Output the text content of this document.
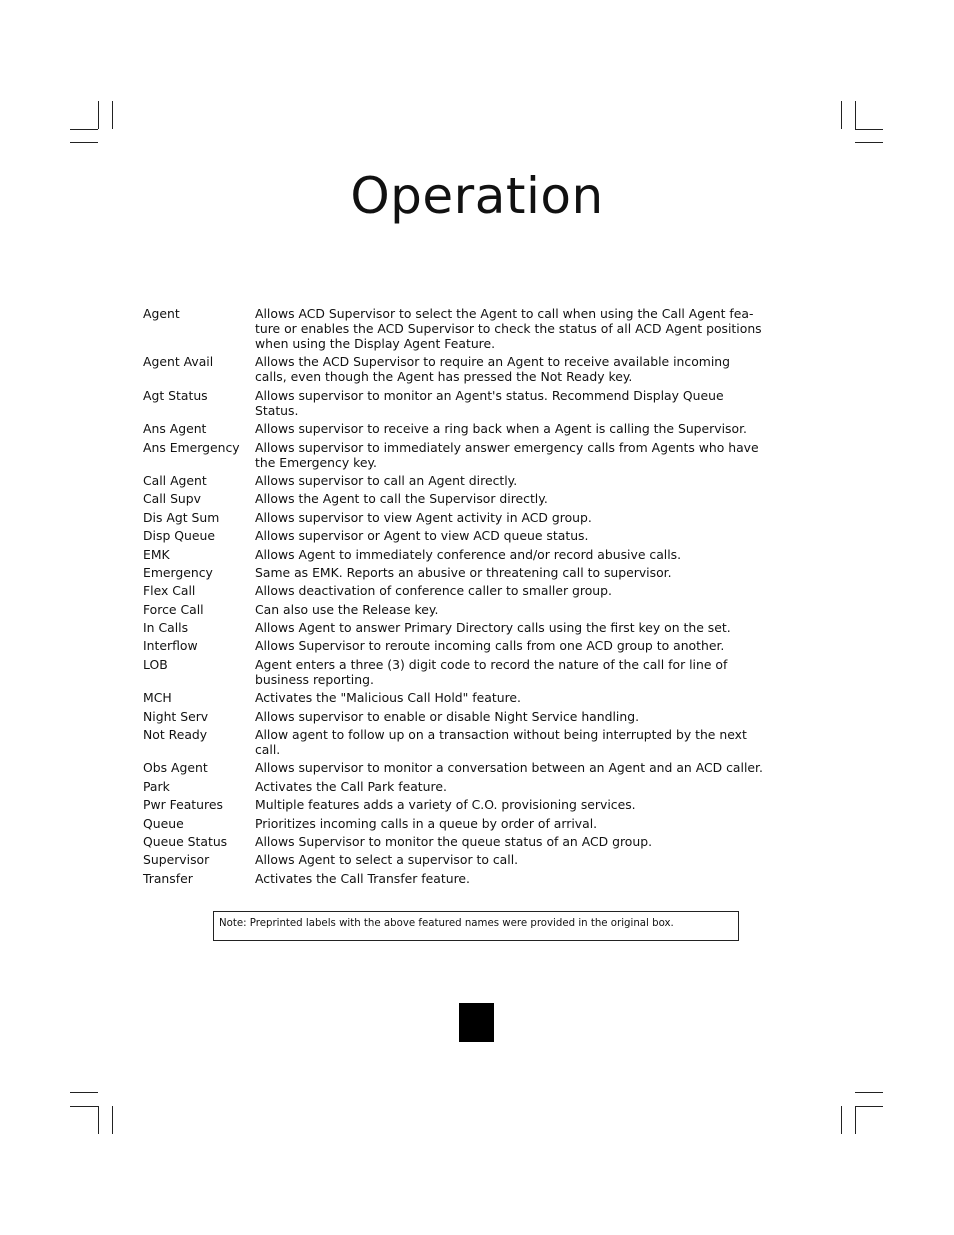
Operation
Agent	Allows ACD Supervisor to select the Agent to call when using the Call Agent fea-
ture or enables the ACD Supervisor to check the status of all ACD Agent positions
when using the Display Agent Feature.
Agent Avail	Allows the ACD Supervisor to require an Agent to receive available incoming
calls, even though the Agent has pressed the Not Ready key.
Agt Status	Allows supervisor to monitor an Agent's status. Recommend Display Queue
Status.
Ans Agent	Allows supervisor to receive a ring back when a Agent is calling the Supervisor.
Ans Emergency	Allows supervisor to immediately answer emergency calls from Agents who have
the Emergency key.
Call Agent	Allows supervisor to call an Agent directly.
Call Supv	Allows the Agent to call the Supervisor directly.
Dis Agt Sum	Allows supervisor to view Agent activity in ACD group.
Disp Queue	Allows supervisor or Agent to view ACD queue status.
EMK	Allows Agent to immediately conference and/or record abusive calls.
Emergency	Same as EMK. Reports an abusive or threatening call to supervisor.
Flex Call	Allows deactivation of conference caller to smaller group.
Force Call	Can also use the Release key.
In Calls	Allows Agent to answer Primary Directory calls using the first key on the set.
Interflow	Allows Supervisor to reroute incoming calls from one ACD group to another.
LOB	Agent enters a three (3) digit code to record the nature of the call for line of
business reporting.
MCH	Activates the "Malicious Call Hold" feature.
Night Serv	Allows supervisor to enable or disable Night Service handling.
Not Ready	Allow agent to follow up on a transaction without being interrupted by the next
call.
Obs Agent	Allows supervisor to monitor a conversation between an Agent and an ACD caller.
Park	Activates the Call Park feature.
Pwr Features	Multiple features adds a variety of C.O. provisioning services.
Queue	Prioritizes incoming calls in a queue by order of arrival.
Queue Status	Allows Supervisor to monitor the queue status of an ACD group.
Supervisor	Allows Agent to select a supervisor to call.
Transfer	Activates the Call Transfer feature.
Note: Preprinted labels with the above featured names were provided in the original box.
